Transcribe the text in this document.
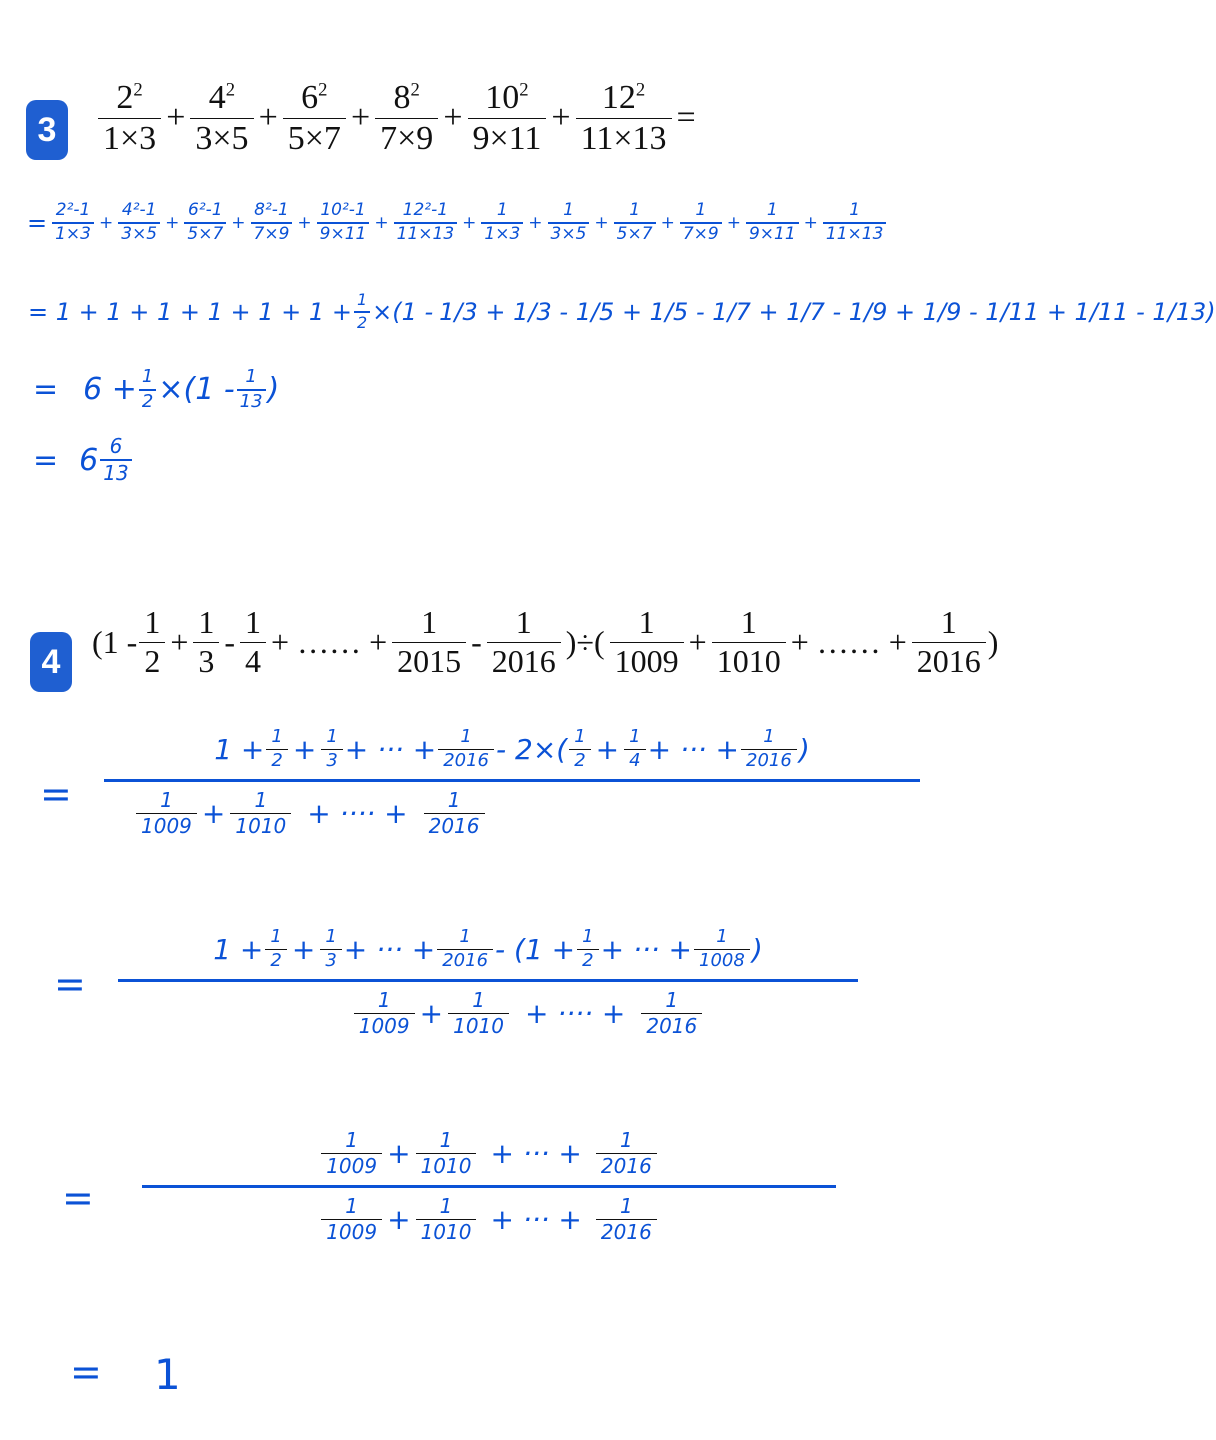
3	$\frac{2^2}{1\times 3} + \frac{4^2}{3\times 5} + \frac{6^2}{5\times 7} + \frac{8^2}{7\times 9} + \frac{10^2}{9\times 11} + \frac{12^2}{11\times 13}$ =
= $\frac{\text{2²-1}}{1\times 3} + \frac{\text{4²-1}}{3\times 5} + \frac{\text{6²-1}}{5\times 7} + \frac{\text{8²-1}}{7\times 9} + \frac{\text{10²-1}}{9\times 11} + \frac{\text{12²-1}}{11\times 13} + \frac{1}{1\times 3} + \frac{1}{3\times 5} + \frac{1}{5\times 7} + \frac{1}{7\times 9} + \frac{1}{9\times 11} + \frac{1}{11\times 13}$
= $1 + 1 + 1 + 1 + 1 + 1 + \frac{1}{2} \times(1 - 1/3 + 1/3 - 1/5 + 1/5 - 1/7 + 1/7 - 1/9 + 1/9 - 1/11 + 1/11 - 1/13)$
= $6 + \frac{1}{2} \times(1 - \frac{1}{13}$ )
= $6 \frac{6}{13}$
4
($1 - \frac{1}{2} + \frac{1}{3} - \frac{1}{4}$ + …… + $\frac{1}{2015} - \frac{1}{2016}$ )÷( $\frac{1}{1009} + \frac{1}{1010}$ + …… + $\frac{1}{2016}$ )
=
$1 + \frac{1}{2} + \frac{1}{3}$ + ··· + $\frac{1}{2016} - 2\times( \frac{1}{2} + \frac{1}{4}$ + ··· + $\frac{1}{2016}$ )
$\frac{1}{1009} + \frac{1}{1010}$ + ···· + $\frac{1}{2016}$
=
$1 + \frac{1}{2} + \frac{1}{3}$ + ··· + $\frac{1}{2016} - (1 + \frac{1}{2}$ + ··· + $\frac{1}{1008}$ )
$\frac{1}{1009} + \frac{1}{1010}$ + ···· + $\frac{1}{2016}$
=
$\frac{1}{1009} + \frac{1}{1010}$ + ··· + $\frac{1}{2016}$
$\frac{1}{1009} + \frac{1}{1010}$ + ··· + $\frac{1}{2016}$
= 1
